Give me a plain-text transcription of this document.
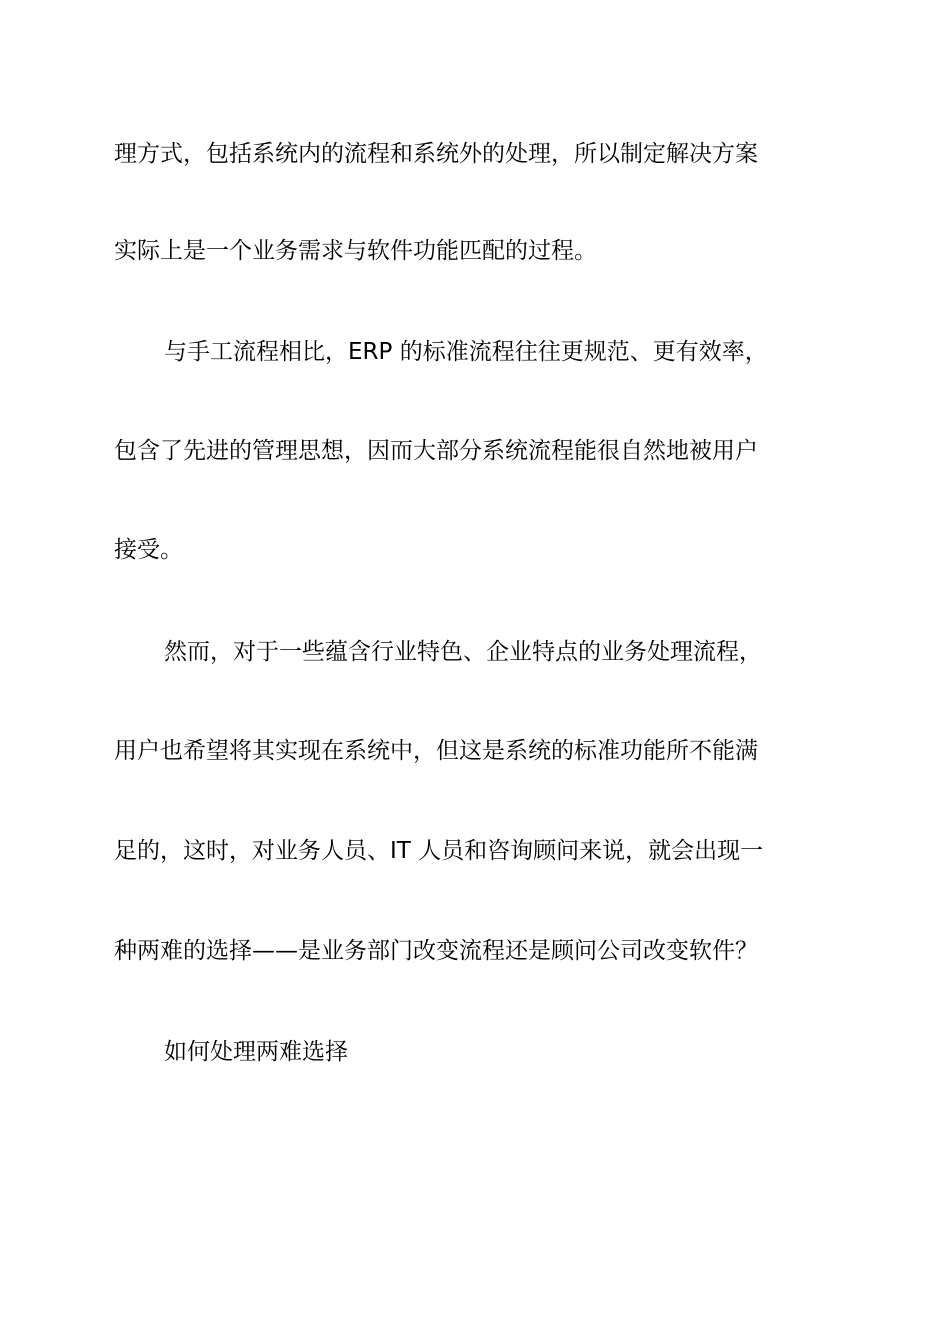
理方式，包括系统内的流程和系统外的处理，所以制定解决方案
实际上是一个业务需求与软件功能匹配的过程。
与手工流程相比，ERP 的标准流程往往更规范、更有效率，
包含了先进的管理思想，因而大部分系统流程能很自然地被用户
接受。
然而，对于一些蕴含行业特色、企业特点的业务处理流程，
用户也希望将其实现在系统中，但这是系统的标准功能所不能满
足的，这时，对业务人员、IT 人员和咨询顾问来说，就会出现一
种两难的选择——是业务部门改变流程还是顾问公司改变软件？
如何处理两难选择
